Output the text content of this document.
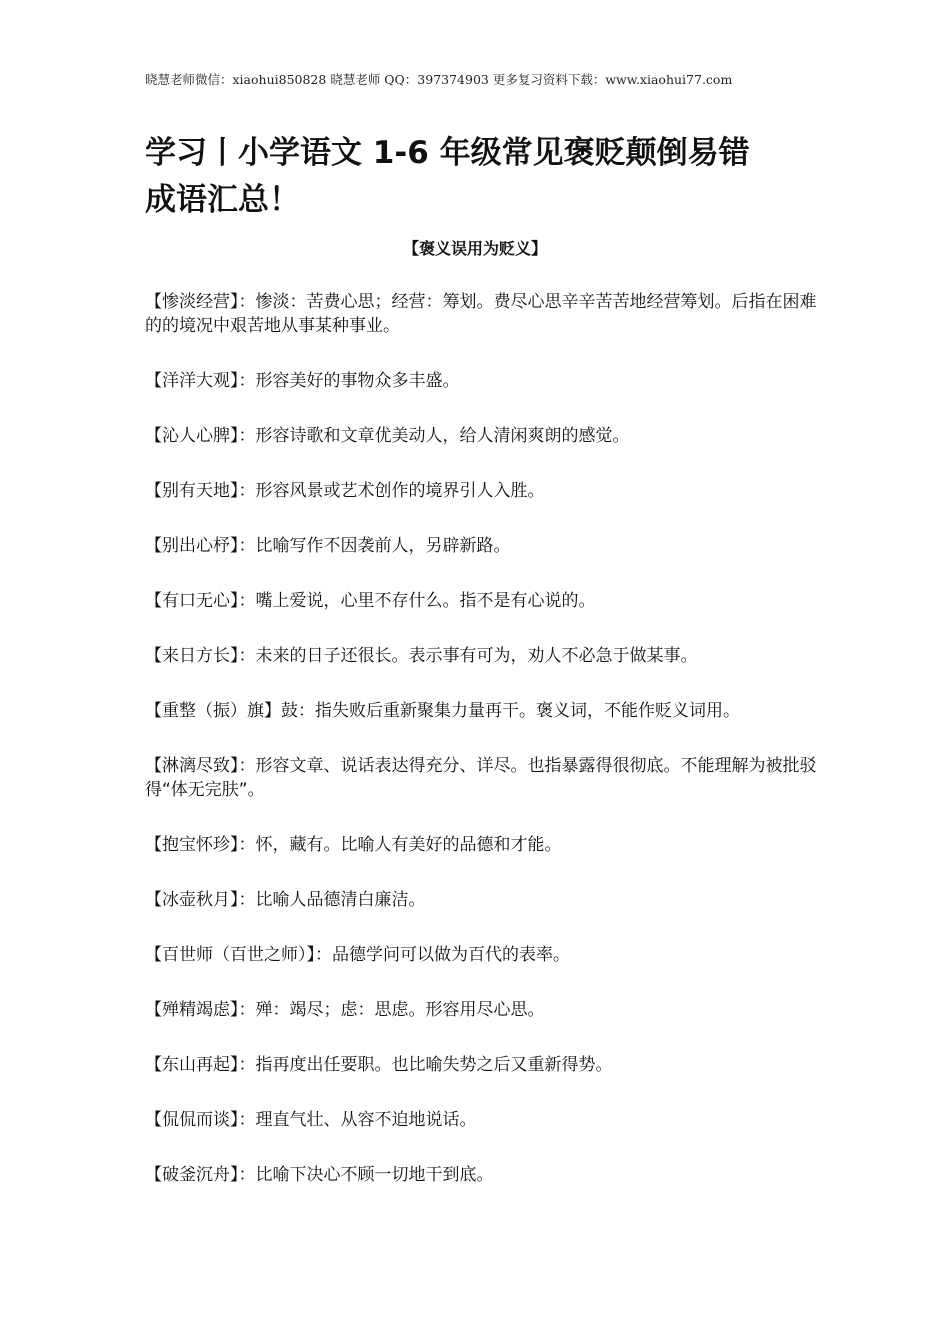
晓慧老师微信：xiaohui850828 晓慧老师 QQ：397374903 更多复习资料下载：www.xiaohui77.com
学习丨小学语文 1-6 年级常见褒贬颠倒易错
成语汇总！
【褒义误用为贬义】

【惨淡经营】：惨淡：苦费心思；经营：筹划。费尽心思辛辛苦苦地经营筹划。后指在困难的的境况中艰苦地从事某种事业。

【洋洋大观】：形容美好的事物众多丰盛。

【沁人心脾】：形容诗歌和文章优美动人，给人清闲爽朗的感觉。

【别有天地】：形容风景或艺术创作的境界引人入胜。

【别出心杼】：比喻写作不因袭前人，另辟新路。

【有口无心】：嘴上爱说，心里不存什么。指不是有心说的。

【来日方长】：未来的日子还很长。表示事有可为，劝人不必急于做某事。

【重整（振）旗】鼓：指失败后重新聚集力量再干。褒义词，不能作贬义词用。

【淋漓尽致】：形容文章、说话表达得充分、详尽。也指暴露得很彻底。不能理解为被批驳得“体无完肤”。

【抱宝怀珍】：怀，藏有。比喻人有美好的品德和才能。

【冰壶秋月】：比喻人品德清白廉洁。

【百世师（百世之师）】：品德学问可以做为百代的表率。

【殚精竭虑】：殚：竭尽；虑：思虑。形容用尽心思。

【东山再起】：指再度出任要职。也比喻失势之后又重新得势。

【侃侃而谈】：理直气壮、从容不迫地说话。

【破釜沉舟】：比喻下决心不顾一切地干到底。
